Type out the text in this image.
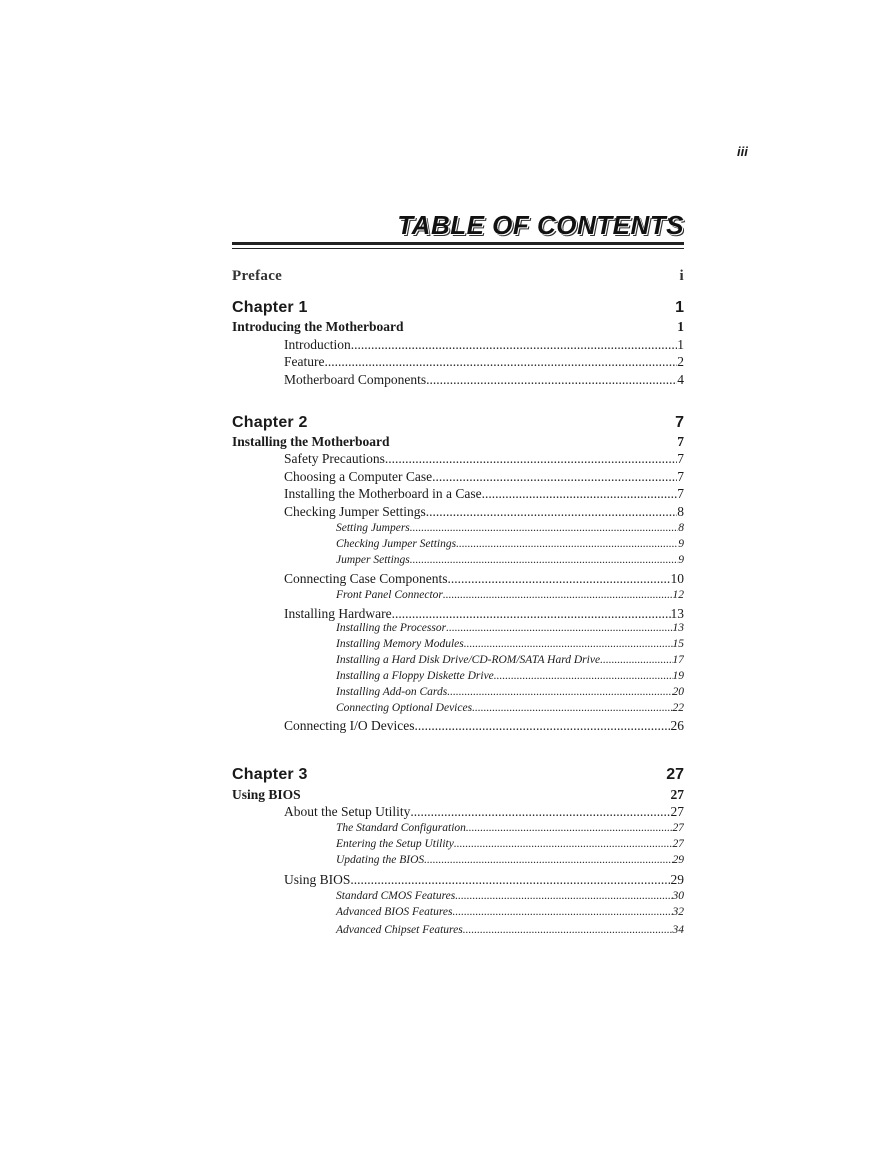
iii
TABLE OF CONTENTS
Preface	i
Chapter 1	1
Introducing the Motherboard	1
Introduction .....	1
Feature .....	2
Motherboard Components .....	4
Chapter 2	7
Installing the Motherboard	7
Safety Precautions .....	7
Choosing a Computer Case .....	7
Installing the Motherboard in a Case .....	7
Checking Jumper Settings .....	8
Setting Jumpers .....	8
Checking Jumper Settings .....	9
Jumper Settings .....	9
Connecting Case Components .....	10
Front Panel Connector .....	12
Installing Hardware .....	13
Installing the Processor .....	13
Installing Memory Modules .....	15
Installing a Hard Disk Drive/CD-ROM/SATA Hard Drive .....	17
Installing a Floppy Diskette Drive .....	19
Installing Add-on Cards .....	20
Connecting Optional Devices .....	22
Connecting I/O Devices .....	26
Chapter 3	27
Using BIOS	27
About the Setup Utility .....	27
The Standard Configuration .....	27
Entering the Setup Utility .....	27
Updating the BIOS .....	29
Using BIOS .....	29
Standard CMOS Features .....	30
Advanced BIOS Features .....	32
Advanced Chipset Features .....	34
